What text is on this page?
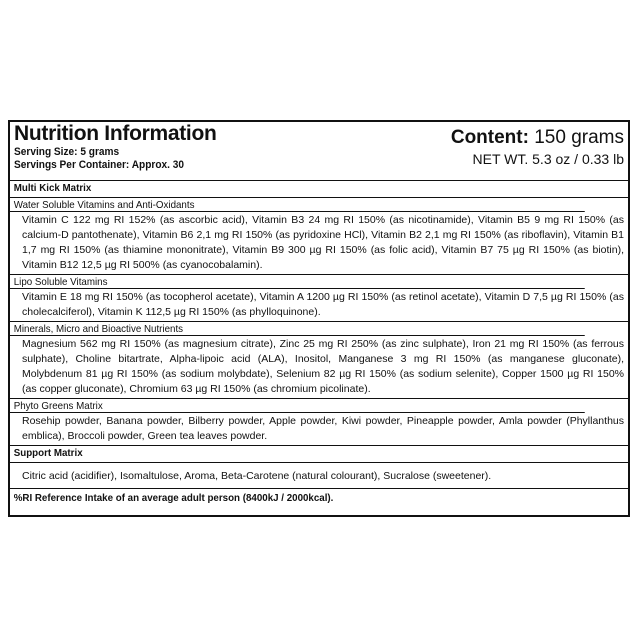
Nutrition Information
Serving Size: 5 grams
Servings Per Container: Approx. 30
Content: 150 grams
NET WT. 5.3 oz / 0.33 lb
Multi Kick Matrix
Water Soluble Vitamins and Anti-Oxidants
Vitamin C 122 mg RI 152% (as ascorbic acid), Vitamin B3 24 mg RI 150% (as nicotinamide), Vitamin B5 9 mg RI 150% (as calcium-D pantothenate), Vitamin B6 2,1 mg RI 150% (as pyridoxine HCl), Vitamin B2 2,1 mg RI 150% (as riboflavin), Vitamin B1 1,7 mg RI 150% (as thiamine mononitrate), Vitamin B9 300 µg RI 150% (as folic acid), Vitamin B7 75 µg RI 150% (as biotin), Vitamin B12 12,5 µg RI 500% (as cyanocobalamin).
Lipo Soluble Vitamins
Vitamin E 18 mg RI 150% (as tocopherol acetate), Vitamin A 1200 µg RI 150% (as retinol acetate), Vitamin D 7,5 µg RI 150% (as cholecalciferol), Vitamin K 112,5 µg RI 150% (as phylloquinone).
Minerals, Micro and Bioactive Nutrients
Magnesium 562 mg RI 150% (as magnesium citrate), Zinc 25 mg RI 250% (as zinc sulphate), Iron 21 mg RI 150% (as ferrous sulphate), Choline bitartrate, Alpha-lipoic acid (ALA), Inositol, Manganese 3 mg RI 150% (as manganese gluconate), Molybdenum 81 µg RI 150% (as sodium molybdate), Selenium 82 µg RI 150% (as sodium selenite), Copper 1500 µg RI 150% (as copper gluconate), Chromium 63 µg RI 150% (as chromium picolinate).
Phyto Greens Matrix
Rosehip powder, Banana powder, Bilberry powder, Apple powder, Kiwi powder, Pineapple powder, Amla powder (Phyllanthus emblica), Broccoli powder, Green tea leaves powder.
Support Matrix
Citric acid (acidifier), Isomaltulose, Aroma, Beta-Carotene (natural colourant), Sucralose (sweetener).
%RI Reference Intake of an average adult person (8400kJ / 2000kcal).
